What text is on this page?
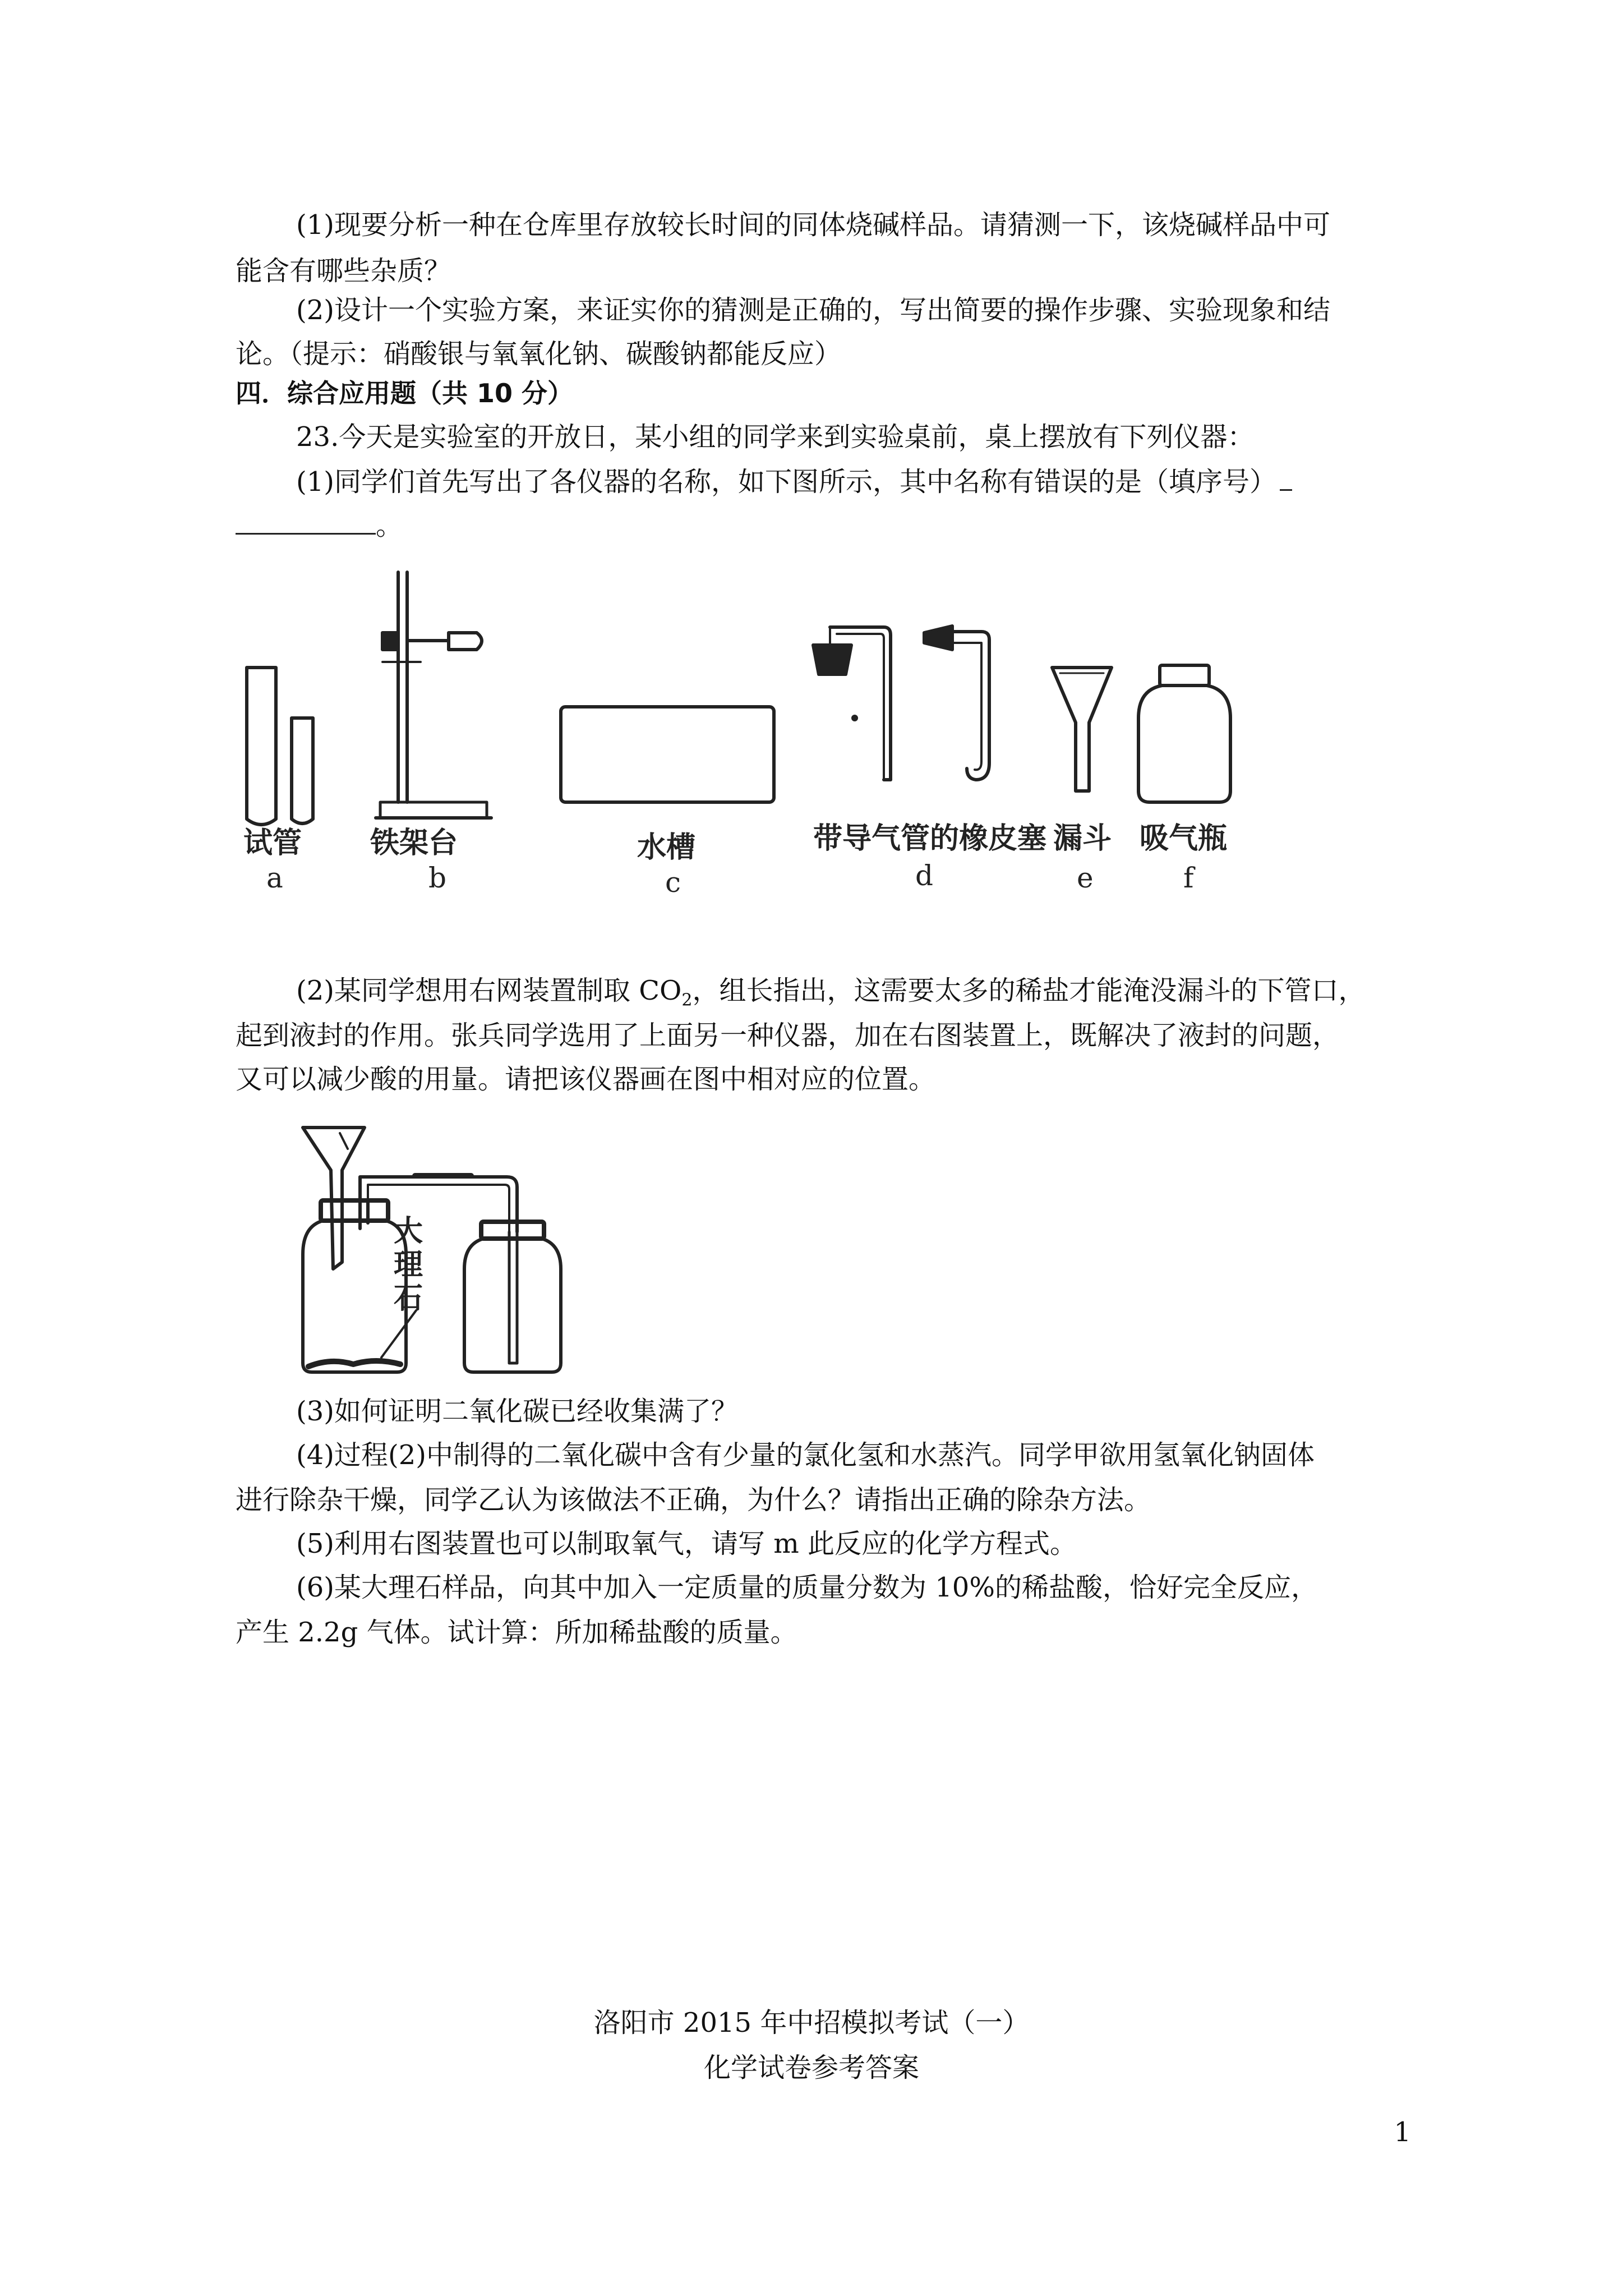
(1)现要分析一种在仓库里存放较长时间的同体烧碱样品。请猜测一下，该烧碱样品中可
能含有哪些杂质？
(2)设计一个实验方案，来证实你的猜测是正确的，写出简要的操作步骤、实验现象和结
论。（提示：硝酸银与氧氧化钠、碳酸钠都能反应）
四．综合应用题（共 10 分）
23.今天是实验室的开放日，某小组的同学来到实验桌前，桌上摆放有下列仪器：
(1)同学们首先写出了各仪器的名称，如下图所示，其中名称有错误的是（填序号）
。
试管
a
铁架台
b
水槽
c
带导气管的橡皮塞
d
漏斗
e
吸气瓶
f
(2)某同学想用右网装置制取 $CO_2$，组长指出，这需要太多的稀盐才能淹没漏斗的下管口，
起到液封的作用。张兵同学选用了上面另一种仪器，加在右图装置上，既解决了液封的问题，
又可以减少酸的用量。请把该仪器画在图中相对应的位置。
大
理
石
(3)如何证明二氧化碳已经收集满了？
(4)过程(2)中制得的二氧化碳中含有少量的氯化氢和水蒸汽。同学甲欲用氢氧化钠固体
进行除杂干燥，同学乙认为该做法不正确，为什么？请指出正确的除杂方法。
(5)利用右图装置也可以制取氧气，请写 m 此反应的化学方程式。
(6)某大理石样品，向其中加入一定质量的质量分数为 10%的稀盐酸，恰好完全反应，
产生 2.2g 气体。试计算：所加稀盐酸的质量。
洛阳市 2015 年中招模拟考试（一）
化学试卷参考答案
1
